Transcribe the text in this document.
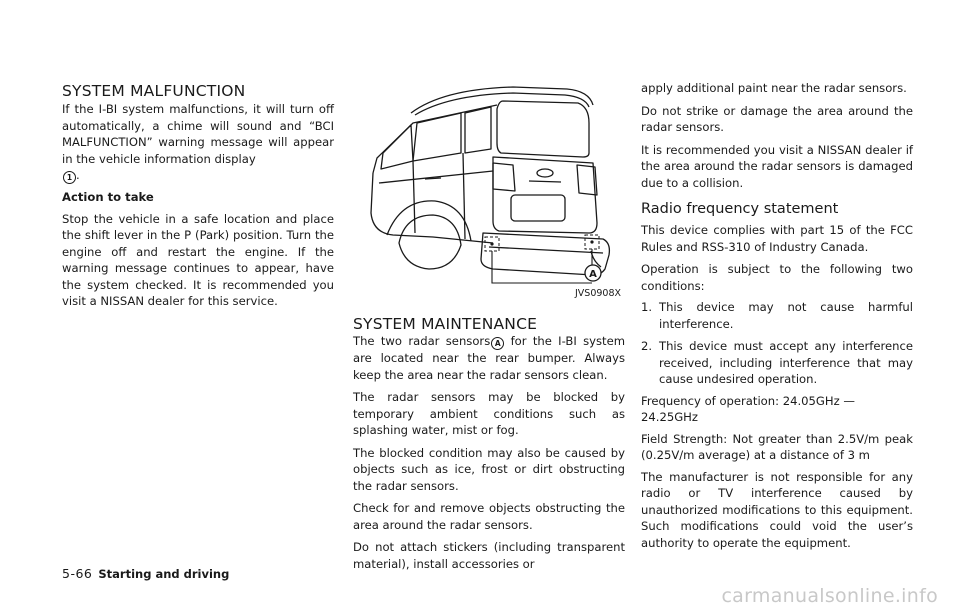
SYSTEM MALFUNCTION

If the I-BI system malfunctions, it will turn off automatically, a chime will sound and “BCI MALFUNCTION” warning message will appear in the vehicle information display
1 .

Action to take

Stop the vehicle in a safe location and place the shift lever in the P (Park) position. Turn the engine off and restart the engine. If the warning message continues to appear, have the system checked. It is recommended you visit a NISSAN dealer for this service.

A
JVS0908X
SYSTEM MAINTENANCE

The two radar sensors A for the I-BI system are located near the rear bumper. Always keep the area near the radar sensors clean.

The radar sensors may be blocked by temporary ambient conditions such as splashing water, mist or fog.

The blocked condition may also be caused by objects such as ice, frost or dirt obstructing the radar sensors.

Check for and remove objects obstructing the area around the radar sensors.

Do not attach stickers (including transparent material), install accessories or

apply additional paint near the radar sensors.

Do not strike or damage the area around the radar sensors.

It is recommended you visit a NISSAN dealer if the area around the radar sensors is damaged due to a collision.

Radio frequency statement

This device complies with part 15 of the FCC Rules and RSS-310 of Industry Canada.

Operation is subject to the following two conditions:

1. This device may not cause harmful interference.
2. This device must accept any interference received, including interference that may cause undesired operation.

Frequency of operation: 24.05GHz — 24.25GHz

Field Strength: Not greater than 2.5V/m peak (0.25V/m average) at a distance of 3 m

The manufacturer is not responsible for any radio or TV interference caused by unauthorized modifications to this equipment. Such modifications could void the user’s authority to operate the equipment.

5-66 Starting and driving
carmanualsonline.info
